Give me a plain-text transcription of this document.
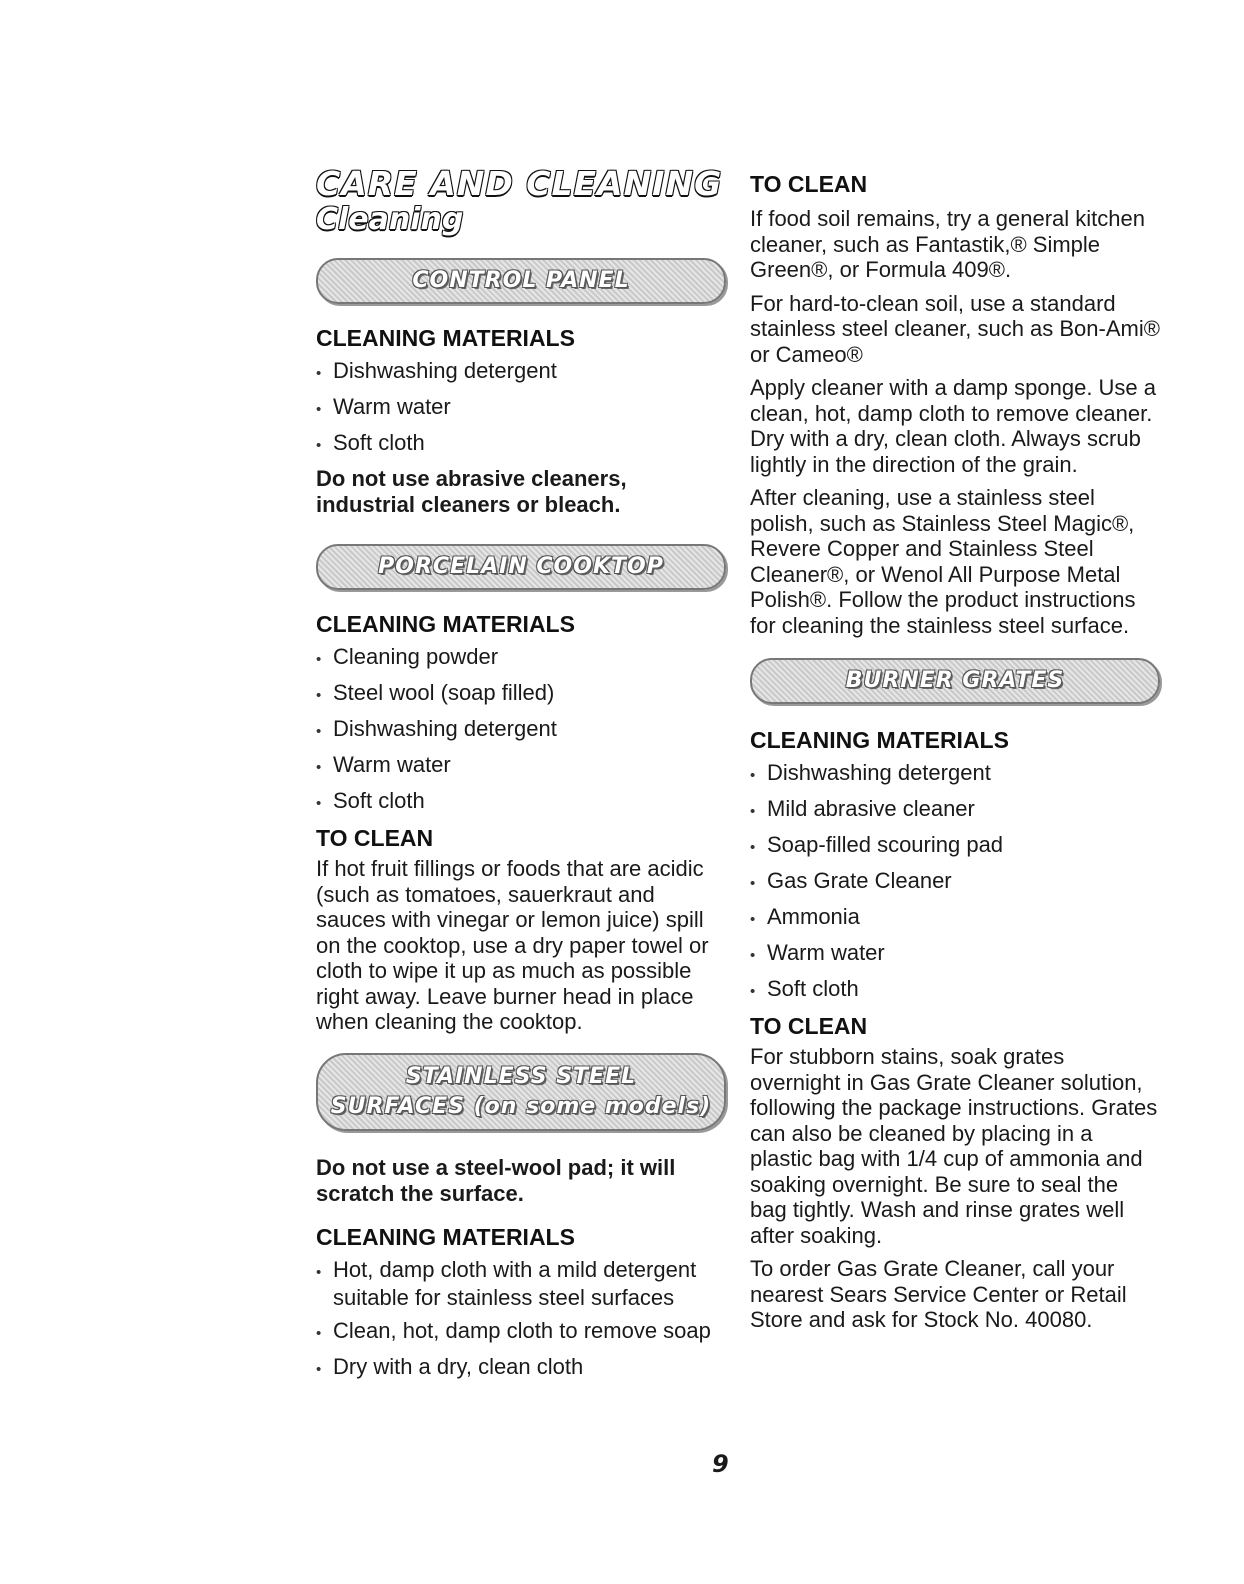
CARE AND CLEANING
Cleaning
CONTROL PANEL
CLEANING MATERIALS
• Dishwashing detergent
• Warm water
• Soft cloth

Do not use abrasive cleaners, industrial cleaners or bleach.

PORCELAIN COOKTOP
CLEANING MATERIALS
• Cleaning powder
• Steel wool (soap filled)
• Dishwashing detergent
• Warm water
• Soft cloth
TO CLEAN

If hot fruit fillings or foods that are acidic (such as tomatoes, sauerkraut and sauces with vinegar or lemon juice) spill on the cooktop, use a dry paper towel or cloth to wipe it up as much as possible right away. Leave burner head in place when cleaning the cooktop.

STAINLESS STEEL
SURFACES (on some models)

Do not use a steel-wool pad; it will scratch the surface.

CLEANING MATERIALS
• Hot, damp cloth with a mild detergent suitable for stainless steel surfaces
• Clean, hot, damp cloth to remove soap
• Dry with a dry, clean cloth
TO CLEAN

If food soil remains, try a general kitchen cleaner, such as Fantastik,® Simple Green®, or Formula 409®.

For hard-to-clean soil, use a standard stainless steel cleaner, such as Bon-Ami® or Cameo®

Apply cleaner with a damp sponge. Use a clean, hot, damp cloth to remove cleaner. Dry with a dry, clean cloth. Always scrub lightly in the direction of the grain.

After cleaning, use a stainless steel polish, such as Stainless Steel Magic®, Revere Copper and Stainless Steel Cleaner®, or Wenol All Purpose Metal Polish®. Follow the product instructions for cleaning the stainless steel surface.

BURNER GRATES
CLEANING MATERIALS
• Dishwashing detergent
• Mild abrasive cleaner
• Soap-filled scouring pad
• Gas Grate Cleaner
• Ammonia
• Warm water
• Soft cloth
TO CLEAN

For stubborn stains, soak grates overnight in Gas Grate Cleaner solution, following the package instructions. Grates can also be cleaned by placing in a plastic bag with 1/4 cup of ammonia and soaking overnight. Be sure to seal the bag tightly. Wash and rinse grates well after soaking.

To order Gas Grate Cleaner, call your nearest Sears Service Center or Retail Store and ask for Stock No. 40080.

9
